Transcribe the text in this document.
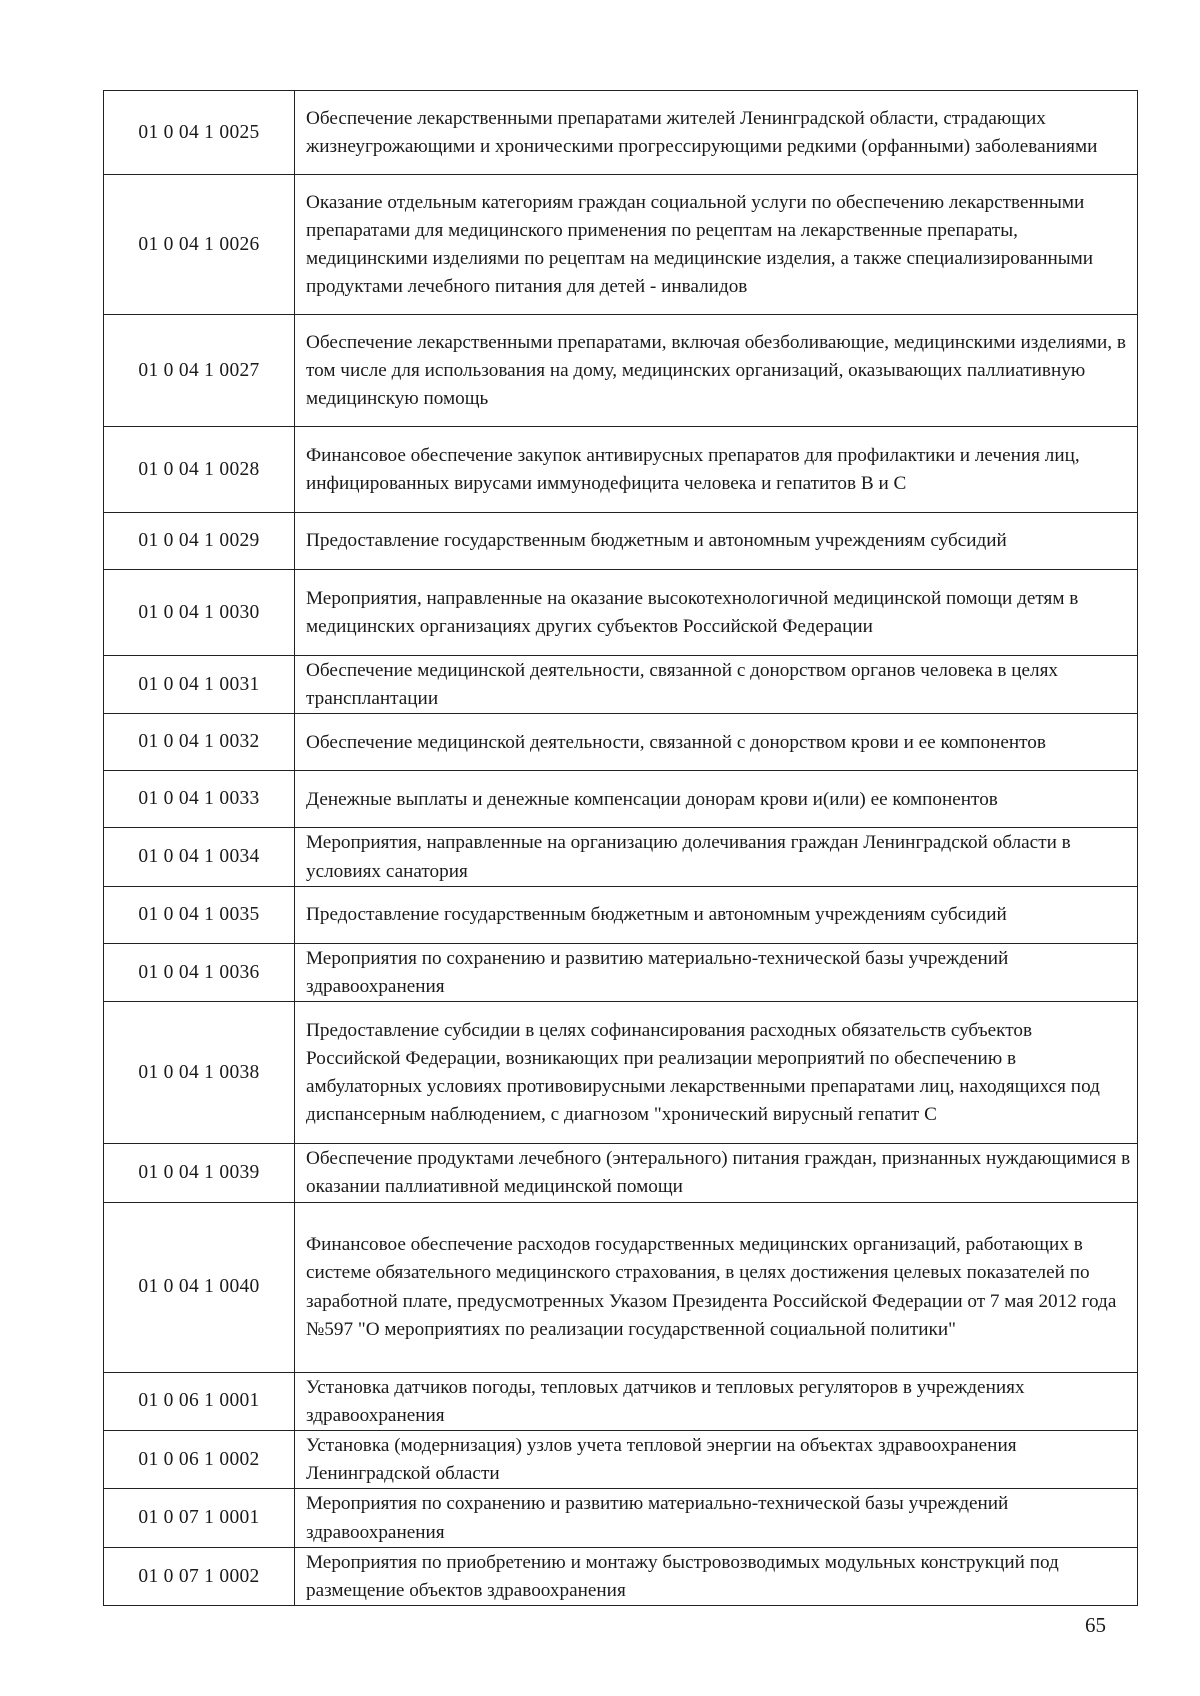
01 0 04 1 0025	Обеспечение лекарственными препаратами жителей Ленинградской области, страдающих жизнеугрожающими и хроническими прогрессирующими редкими (орфанными) заболеваниями
01 0 04 1 0026	Оказание отдельным категориям граждан социальной услуги по обеспечению лекарственными препаратами для медицинского применения по рецептам на лекарственные препараты, медицинскими изделиями по рецептам на медицинские изделия, а также специализированными продуктами лечебного питания для детей - инвалидов
01 0 04 1 0027	Обеспечение лекарственными препаратами, включая обезболивающие, медицинскими изделиями, в том числе для использования на дому, медицинских организаций, оказывающих паллиативную медицинскую помощь
01 0 04 1 0028	Финансовое обеспечение закупок антивирусных препаратов для профилактики и лечения лиц, инфицированных вирусами иммунодефицита человека и гепатитов В и С
01 0 04 1 0029	Предоставление государственным бюджетным и автономным учреждениям субсидий
01 0 04 1 0030	Мероприятия, направленные на оказание высокотехнологичной медицинской помощи детям в медицинских организациях других субъектов Российской Федерации
01 0 04 1 0031	Обеспечение медицинской деятельности, связанной с донорством органов человека в целях трансплантации
01 0 04 1 0032	Обеспечение медицинской деятельности, связанной с донорством крови и ее компонентов
01 0 04 1 0033	Денежные выплаты и денежные компенсации донорам крови и(или) ее компонентов
01 0 04 1 0034	Мероприятия, направленные на организацию долечивания граждан Ленинградской области в условиях санатория
01 0 04 1 0035	Предоставление государственным бюджетным и автономным учреждениям субсидий
01 0 04 1 0036	Мероприятия по сохранению и развитию материально-технической базы учреждений здравоохранения
01 0 04 1 0038	Предоставление субсидии в целях софинансирования расходных обязательств субъектов Российской Федерации, возникающих при реализации мероприятий по обеспечению в амбулаторных условиях противовирусными лекарственными препаратами лиц, находящихся под диспансерным наблюдением, с диагнозом "хронический вирусный гепатит С
01 0 04 1 0039	Обеспечение продуктами лечебного (энтерального) питания граждан, признанных нуждающимися в оказании паллиативной медицинской помощи
01 0 04 1 0040	Финансовое обеспечение расходов государственных медицинских организаций, работающих в системе обязательного медицинского страхования, в целях достижения целевых показателей по заработной плате, предусмотренных Указом Президента Российской Федерации от 7 мая 2012 года №597 "О мероприятиях по реализации государственной социальной политики"
01 0 06 1 0001	Установка датчиков погоды, тепловых датчиков и тепловых регуляторов в учреждениях здравоохранения
01 0 06 1 0002	Установка (модернизация) узлов учета тепловой энергии на объектах здравоохранения Ленинградской области
01 0 07 1 0001	Мероприятия по сохранению и развитию материально-технической базы учреждений здравоохранения
01 0 07 1 0002	Мероприятия по приобретению и монтажу быстровозводимых модульных конструкций под размещение объектов здравоохранения
65
